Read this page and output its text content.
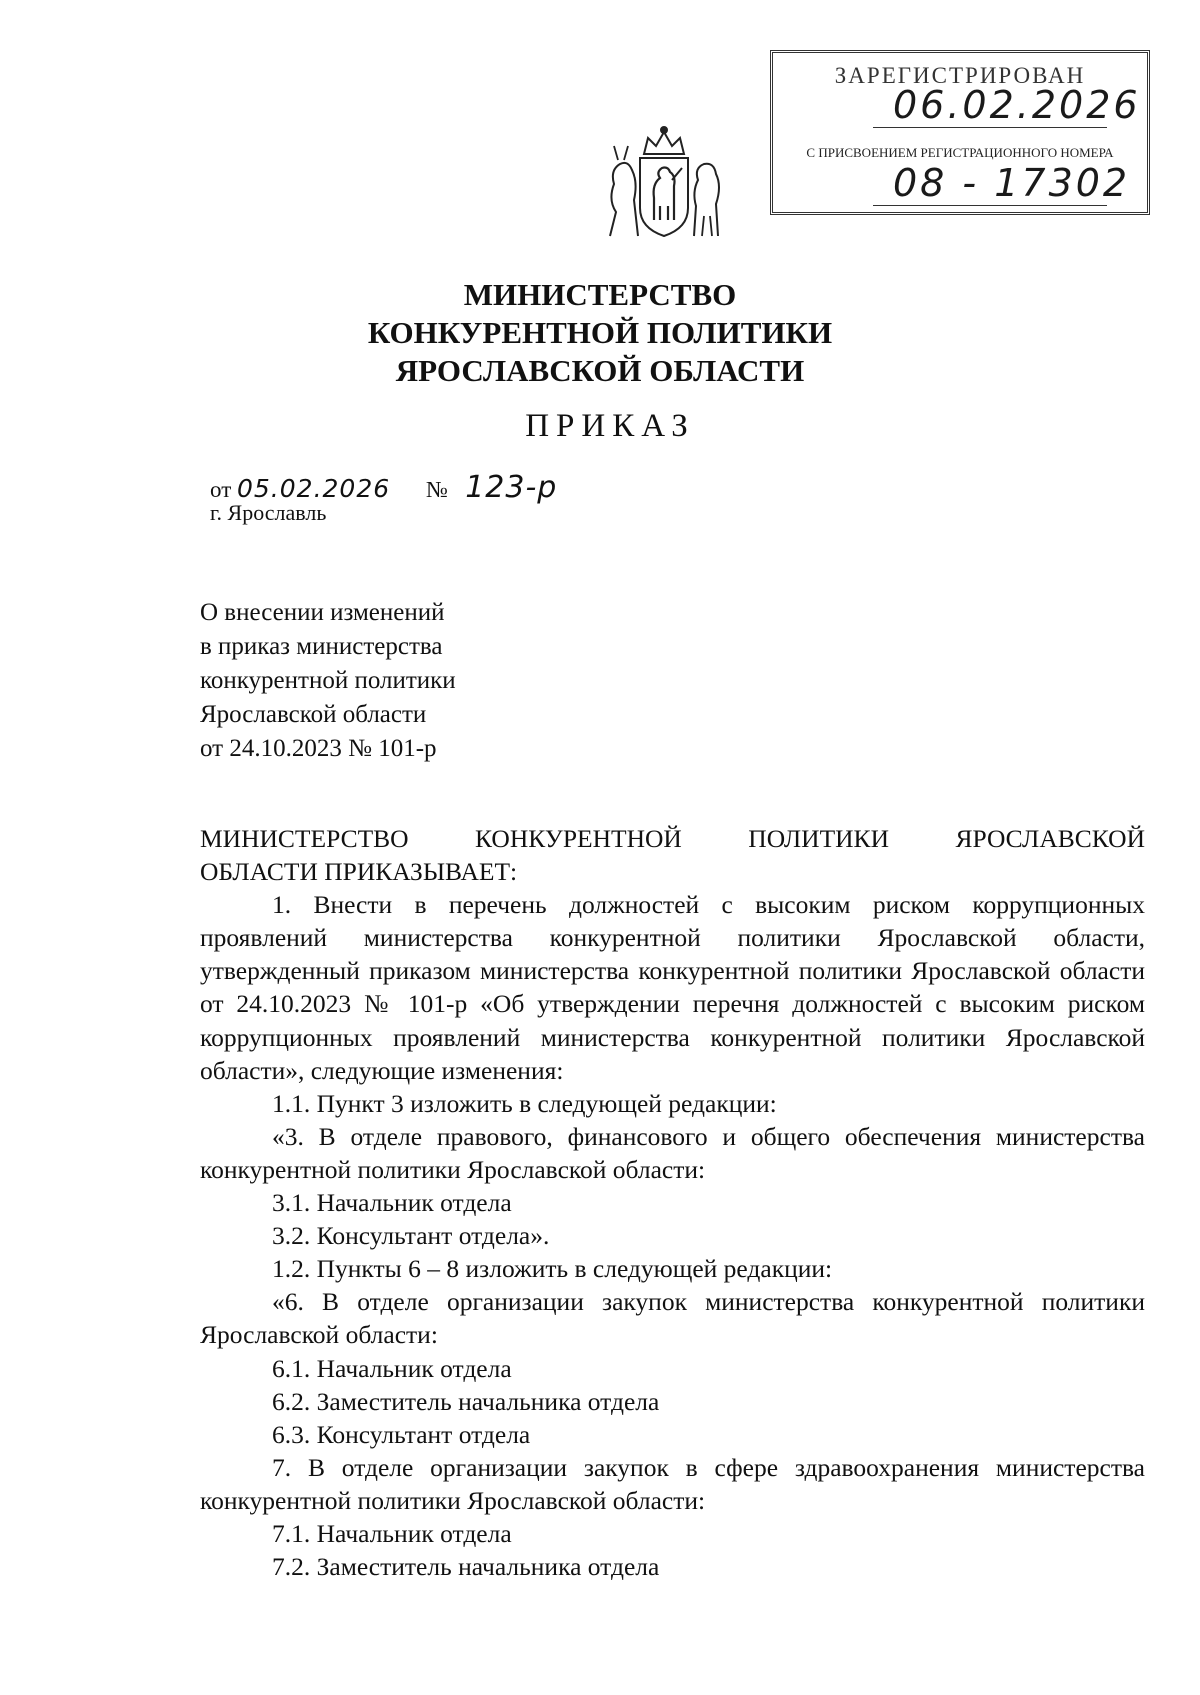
ЗАРЕГИСТРИРОВАН
06.02.2026
С ПРИСВОЕНИЕМ РЕГИСТРАЦИОННОГО НОМЕРА
08 - 17302
МИНИСТЕРСТВО
КОНКУРЕНТНОЙ ПОЛИТИКИ
ЯРОСЛАВСКОЙ ОБЛАСТИ
ПРИКАЗ
от 05.02.2026 № 123-р
г. Ярославль
О внесении изменений
в приказ министерства
конкурентной политики
Ярославской области
от 24.10.2023 № 101-р

МИНИСТЕРСТВО КОНКУРЕНТНОЙ ПОЛИТИКИ ЯРОСЛАВСКОЙ

ОБЛАСТИ ПРИКАЗЫВАЕТ:

1. Внести в перечень должностей с высоким риском коррупционных проявлений министерства конкурентной политики Ярославской области, утвержденный приказом министерства конкурентной политики Ярославской области от 24.10.2023 № 101-р «Об утверждении перечня должностей с высоким риском коррупционных проявлений министерства конкурентной политики Ярославской области», следующие изменения:

1.1. Пункт 3 изложить в следующей редакции:

«3. В отделе правового, финансового и общего обеспечения министерства конкурентной политики Ярославской области:

3.1. Начальник отдела

3.2. Консультант отдела».

1.2. Пункты 6 – 8 изложить в следующей редакции:

«6. В отделе организации закупок министерства конкурентной политики Ярославской области:

6.1. Начальник отдела

6.2. Заместитель начальника отдела

6.3. Консультант отдела

7. В отделе организации закупок в сфере здравоохранения министерства конкурентной политики Ярославской области:

7.1. Начальник отдела

7.2. Заместитель начальника отдела
